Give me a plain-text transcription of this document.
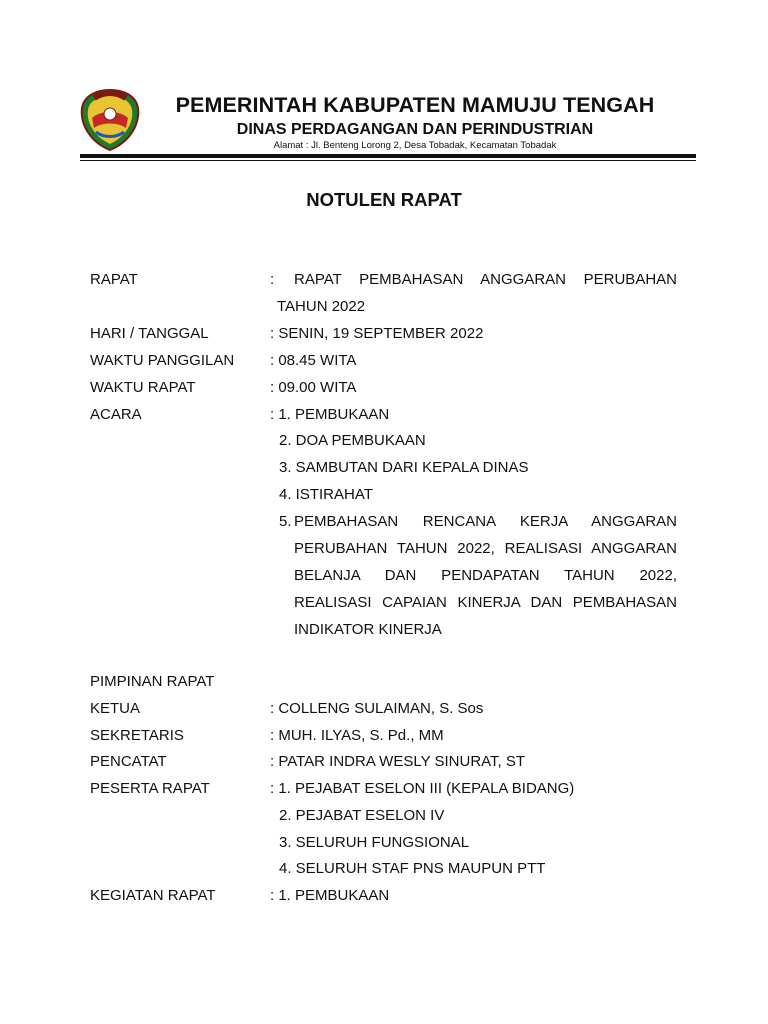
PEMERINTAH KABUPATEN MAMUJU TENGAH
DINAS PERDAGANGAN DAN PERINDUSTRIAN
Alamat : Jl. Benteng Lorong 2, Desa Tobadak, Kecamatan Tobadak
NOTULEN RAPAT
RAPAT	: RAPAT PEMBAHASAN ANGGARAN PERUBAHAN
TAHUN 2022
HARI / TANGGAL	: SENIN, 19 SEPTEMBER 2022
WAKTU PANGGILAN : 08.45 WITA
WAKTU RAPAT	: 09.00 WITA
ACARA	: 1. PEMBUKAAN
2. DOA PEMBUKAAN
3. SAMBUTAN DARI KEPALA DINAS
4. ISTIRAHAT
5. PEMBAHASAN RENCANA KERJA ANGGARAN
PERUBAHAN TAHUN 2022, REALISASI ANGGARAN
BELANJA DAN PENDAPATAN TAHUN 2022,
REALISASI CAPAIAN KINERJA DAN PEMBAHASAN
INDIKATOR KINERJA
PIMPINAN RAPAT
KETUA	: COLLENG SULAIMAN, S. Sos
SEKRETARIS	: MUH. ILYAS, S. Pd., MM
PENCATAT	: PATAR INDRA WESLY SINURAT, ST
PESERTA RAPAT	: 1. PEJABAT ESELON III (KEPALA BIDANG)
2. PEJABAT ESELON IV
3. SELURUH FUNGSIONAL
4. SELURUH STAF PNS MAUPUN PTT
KEGIATAN RAPAT	: 1. PEMBUKAAN
